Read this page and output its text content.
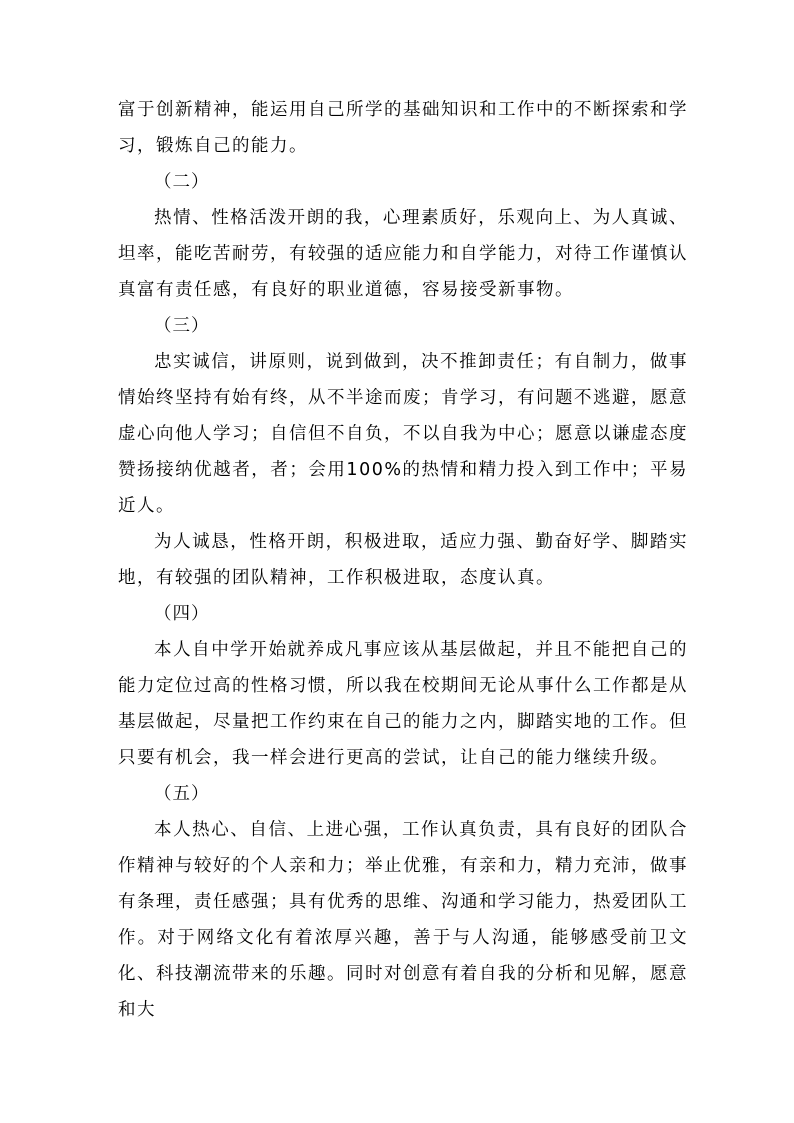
富于创新精神，能运用自己所学的基础知识和工作中的不断探索和学习，锻炼自己的能力。

（二）

热情、性格活泼开朗的我，心理素质好，乐观向上、为人真诚、坦率，能吃苦耐劳，有较强的适应能力和自学能力，对待工作谨慎认真富有责任感，有良好的职业道德，容易接受新事物。

（三）

忠实诚信，讲原则，说到做到，决不推卸责任；有自制力，做事情始终坚持有始有终，从不半途而废；肯学习，有问题不逃避，愿意虚心向他人学习；自信但不自负，不以自我为中心；愿意以谦虚态度赞扬接纳优越者，者；会用100%的热情和精力投入到工作中；平易近人。

为人诚恳，性格开朗，积极进取，适应力强、勤奋好学、脚踏实地，有较强的团队精神，工作积极进取，态度认真。

（四）

本人自中学开始就养成凡事应该从基层做起，并且不能把自己的能力定位过高的性格习惯，所以我在校期间无论从事什么工作都是从基层做起，尽量把工作约束在自己的能力之内，脚踏实地的工作。但只要有机会，我一样会进行更高的尝试，让自己的能力继续升级。

（五）

本人热心、自信、上进心强，工作认真负责，具有良好的团队合作精神与较好的个人亲和力；举止优雅，有亲和力，精力充沛，做事有条理，责任感强；具有优秀的思维、沟通和学习能力，热爱团队工作。对于网络文化有着浓厚兴趣，善于与人沟通，能够感受前卫文化、科技潮流带来的乐趣。同时对创意有着自我的分析和见解，愿意和大
